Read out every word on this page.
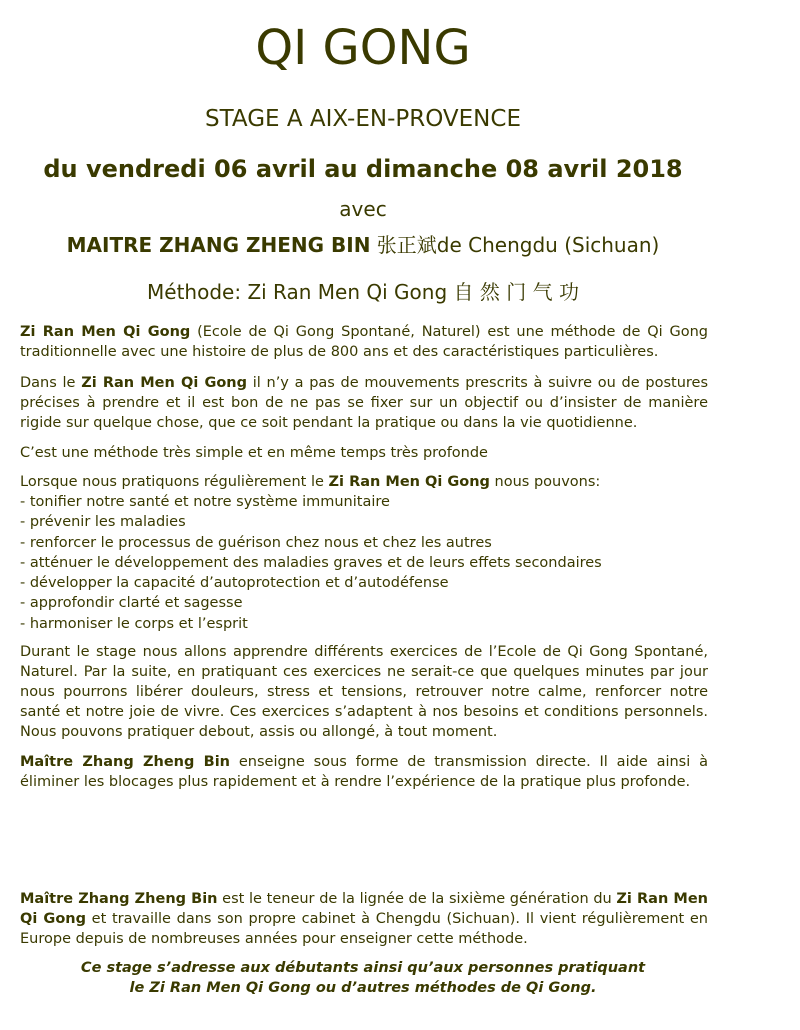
QI GONG
STAGE A AIX-EN-PROVENCE
du vendredi 06 avril au dimanche 08 avril 2018
avec
MAITRE ZHANG ZHENG BIN 张正斌de Chengdu (Sichuan)
Méthode: Zi Ran Men Qi Gong 自 然 门 气 功
Zi Ran Men Qi Gong (Ecole de Qi Gong Spontané, Naturel) est une méthode de Qi Gong traditionnelle avec une histoire de plus de 800 ans et des caractéristiques particulières.
Dans le Zi Ran Men Qi Gong il n’y a pas de mouvements prescrits à suivre ou de postures précises à prendre et il est bon de ne pas se fixer sur un objectif ou d’insister de manière rigide sur quelque chose, que ce soit pendant la pratique ou dans la vie quotidienne.
C’est une méthode très simple et en même temps très profonde
Lorsque nous pratiquons régulièrement le Zi Ran Men Qi Gong nous pouvons:
- tonifier notre santé et notre système immunitaire
- prévenir les maladies
- renforcer le processus de guérison chez nous et chez les autres
- atténuer le développement des maladies graves et de leurs effets secondaires
- développer la capacité d’autoprotection et d’autodéfense
- approfondir clarté et sagesse
- harmoniser le corps et l’esprit
Durant le stage nous allons apprendre différents exercices de l’Ecole de Qi Gong Spontané, Naturel. Par la suite, en pratiquant ces exercices ne serait-ce que quelques minutes par jour nous pourrons libérer douleurs, stress et tensions, retrouver notre calme, renforcer notre santé et notre joie de vivre. Ces exercices s’adaptent à nos besoins et conditions personnels. Nous pouvons pratiquer debout, assis ou allongé, à tout moment.
Maître Zhang Zheng Bin enseigne sous forme de transmission directe. Il aide ainsi à éliminer les blocages plus rapidement et à rendre l’expérience de la pratique plus profonde.
Maître Zhang Zheng Bin est le teneur de la lignée de la sixième génération du Zi Ran Men Qi Gong et travaille dans son propre cabinet à Chengdu (Sichuan). Il vient régulièrement en Europe depuis de nombreuses années pour enseigner cette méthode.
Ce stage s’adresse aux débutants ainsi qu’aux personnes pratiquant
le Zi Ran Men Qi Gong ou d’autres méthodes de Qi Gong.
